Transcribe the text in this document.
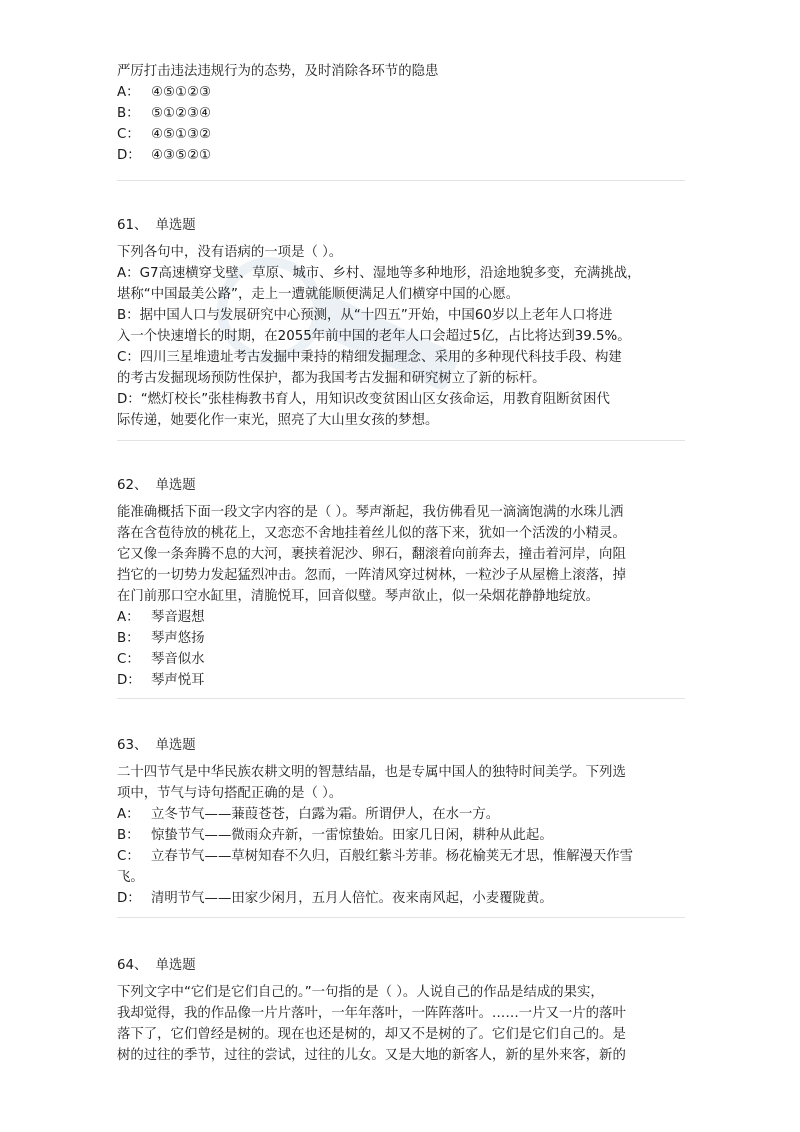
严厉打击违法违规行为的态势，及时消除各环节的隐患
A： ④⑤①②③
B： ⑤①②③④
C： ④⑤①③②
D： ④③⑤②①
61、 单选题
下列各句中，没有语病的一项是（ ）。
A：G7高速横穿戈壁、草原、城市、乡村、湿地等多种地形，沿途地貌多变，充满挑战，
堪称“中国最美公路”，走上一遭就能顺便满足人们横穿中国的心愿。
B：据中国人口与发展研究中心预测，从“十四五”开始，中国60岁以上老年人口将进
入一个快速增长的时期，在2055年前中国的老年人口会超过5亿，占比将达到39.5%。
C：四川三星堆遗址考古发掘中秉持的精细发掘理念、采用的多种现代科技手段、构建
的考古发掘现场预防性保护，都为我国考古发掘和研究树立了新的标杆。
D：“燃灯校长”张桂梅教书育人，用知识改变贫困山区女孩命运，用教育阻断贫困代
际传递，她要化作一束光，照亮了大山里女孩的梦想。
62、 单选题
能准确概括下面一段文字内容的是（ ）。琴声渐起，我仿佛看见一滴滴饱满的水珠儿洒
落在含苞待放的桃花上，又恋恋不舍地挂着丝儿似的落下来，犹如一个活泼的小精灵。
它又像一条奔腾不息的大河，裹挟着泥沙、卵石，翻滚着向前奔去，撞击着河岸，向阻
挡它的一切势力发起猛烈冲击。忽而，一阵清风穿过树林，一粒沙子从屋檐上滚落，掉
在门前那口空水缸里，清脆悦耳，回音似璧。琴声欲止，似一朵烟花静静地绽放。
A： 琴音遐想
B： 琴声悠扬
C： 琴音似水
D： 琴声悦耳
63、 单选题
二十四节气是中华民族农耕文明的智慧结晶，也是专属中国人的独特时间美学。下列选
项中，节气与诗句搭配正确的是（ ）。
A： 立冬节气——蒹葭苍苍，白露为霜。所谓伊人，在水一方。
B： 惊蛰节气——微雨众卉新，一雷惊蛰始。田家几日闲，耕种从此起。
C： 立春节气——草树知春不久归，百般红紫斗芳菲。杨花榆荚无才思，惟解漫天作雪
飞。
D： 清明节气——田家少闲月，五月人倍忙。夜来南风起，小麦覆陇黄。
64、 单选题
下列文字中“它们是它们自己的。”一句指的是（ ）。人说自己的作品是结成的果实，
我却觉得，我的作品像一片片落叶，一年年落叶，一阵阵落叶。……一片又一片的落叶
落下了，它们曾经是树的。现在也还是树的，却又不是树的了。它们是它们自己的。是
树的过往的季节，过往的尝试，过往的儿女。又是大地的新客人，新的星外来客，新的
